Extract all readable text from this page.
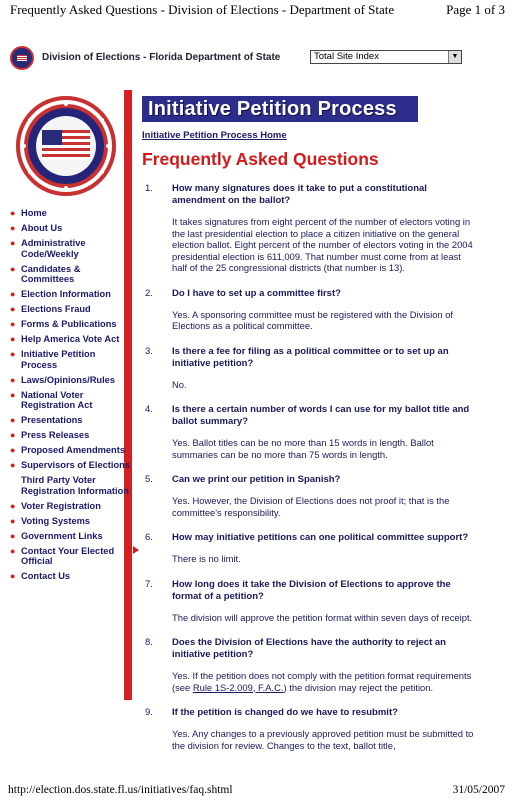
Frequently Asked Questions - Division of Elections - Department of State	Page 1 of 3
Division of Elections - Florida Department of State	Total Site Index	▼
Initiative Petition Process
Initiative Petition Process Home
Frequently Asked Questions
● Home
● About Us
● Administrative Code/Weekly
● Candidates & Committees
● Election Information
● Elections Fraud
● Forms & Publications
● Help America Vote Act
● Initiative Petition Process
● Laws/Opinions/Rules
● National Voter Registration Act
● Presentations
● Press Releases
● Proposed Amendments
● Supervisors of Elections
Third Party Voter Registration Information
● Voter Registration
● Voting Systems
● Government Links
● Contact Your Elected Official
● Contact Us
1.	How many signatures does it take to put a constitutional amendment on the ballot?
It takes signatures from eight percent of the number of electors voting in the last presidential election to place a citizen initiative on the general election ballot. Eight percent of the number of electors voting in the 2004 presidential election is 611,009. That number must come from at least half of the 25 congressional districts (that number is 13).
2.	Do I have to set up a committee first?
Yes. A sponsoring committee must be registered with the Division of Elections as a political committee.
3.	Is there a fee for filing as a political committee or to set up an initiative petition?
No.
4.	Is there a certain number of words I can use for my ballot title and ballot summary?
Yes. Ballot titles can be no more than 15 words in length. Ballot summaries can be no more than 75 words in length.
5.	Can we print our petition in Spanish?
Yes. However, the Division of Elections does not proof it; that is the committee's responsibility.
6.	How may initiative petitions can one political committee support?
There is no limit.
7.	How long does it take the Division of Elections to approve the format of a petition?
The division will approve the petition format within seven days of receipt.
8.	Does the Division of Elections have the authority to reject an initiative petition?
Yes. If the petition does not comply with the petition format requirements (see Rule 1S-2.009, F.A.C.) the division may reject the petition.
9.	If the petition is changed do we have to resubmit?
Yes. Any changes to a previously approved petition must be submitted to the division for review. Changes to the text, ballot title,
http://election.dos.state.fl.us/initiatives/faq.shtml	31/05/2007
